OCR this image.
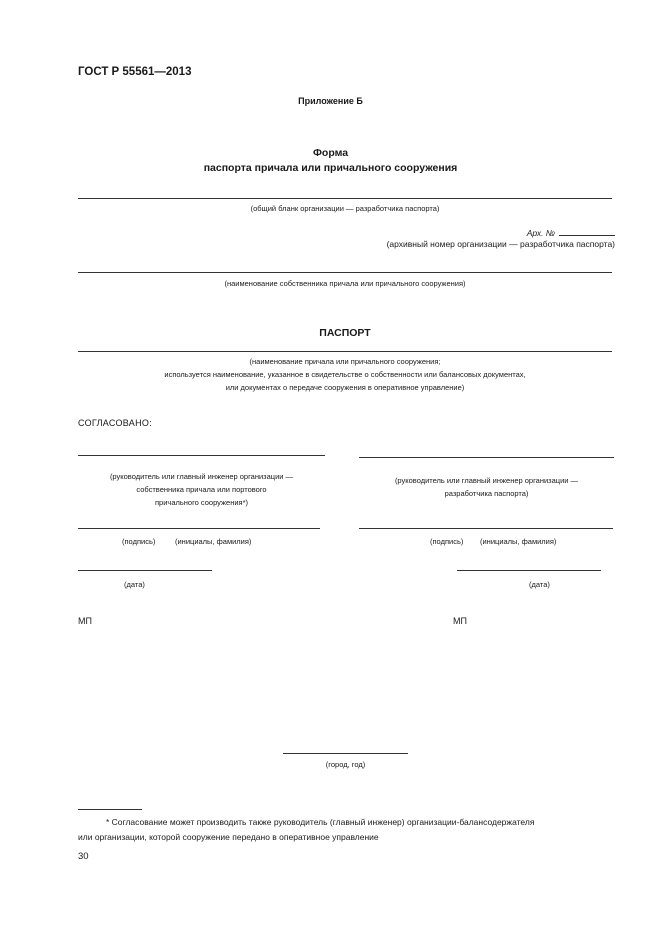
ГОСТ Р 55561—2013
Приложение Б
Форма
паспорта причала или причального сооружения
(общий бланк организации — разработчика паспорта)
Арх. №
(архивный номер организации — разработчика паспорта)
(наименование собственника причала или причального сооружения)
ПАСПОРТ
(наименование причала или причального сооружения;
используется наименование, указанное в свидетельстве о собственности или балансовых документах,
или документах о передаче сооружения в оперативное управление)
СОГЛАСОВАНО:
(руководитель или главный инженер организации —
собственника причала или портового
причального сооружения*)
(подпись)	(инициалы, фамилия)
(дата)
МП
(руководитель или главный инженер организации —
разработчика паспорта)
(подпись) (инициалы, фамилия)
(дата)
МП
(город, год)
* Согласование может производить также руководитель (главный инженер) организации-балансодержателя
или организации, которой сооружение передано в оперативное управление
30
